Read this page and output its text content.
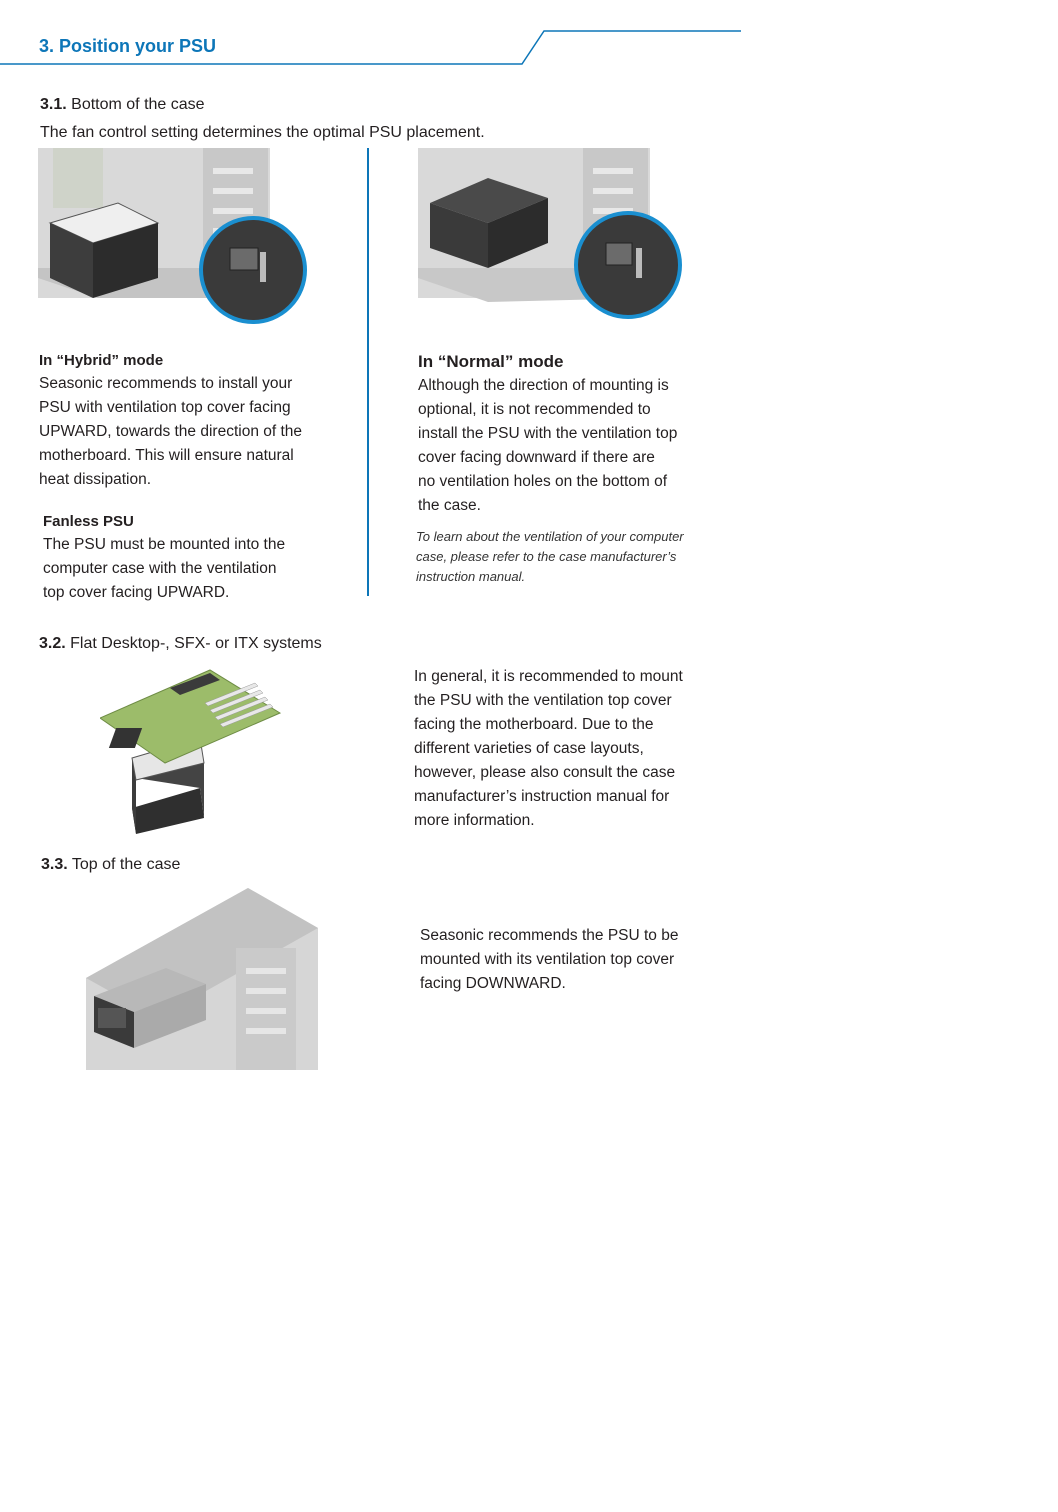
3. Position your PSU
3.1. Bottom of the case
The fan control setting determines the optimal PSU placement.
In “Hybrid” mode
Seasonic recommends to install your
PSU with ventilation top cover facing
UPWARD, towards the direction of the
motherboard. This will ensure natural
heat dissipation.
Fanless PSU
The PSU must be mounted into the
computer case with the ventilation
top cover facing UPWARD.
In “Normal” mode
Although the direction of mounting is
optional, it is not recommended to
install the PSU with the ventilation top
cover facing downward if there are
no ventilation holes on the bottom of
the case.
To learn about the ventilation of your computer
case, please refer to the case manufacturer’s
instruction manual.
3.2. Flat Desktop-, SFX- or ITX systems
In general, it is recommended to mount
the PSU with the ventilation top cover
facing the motherboard. Due to the
different varieties of case layouts,
however, please also consult the case
manufacturer’s instruction manual for
more information.
3.3. Top of the case
Seasonic recommends the PSU to be
mounted with its ventilation top cover
facing DOWNWARD.
